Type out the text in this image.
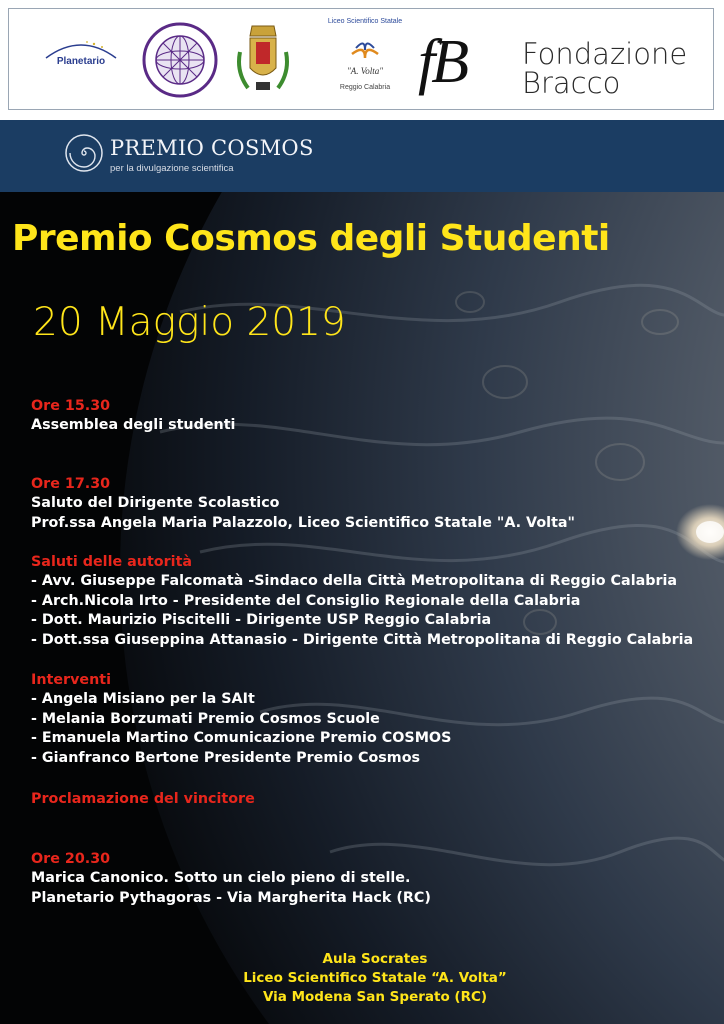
Planetario
Liceo Scientifico Statale
"A. Volta"
Reggio Calabria fB	Fondazione
Bracco
PREMIO COSMOS
per la divulgazione scientifica
Premio Cosmos degli Studenti
20 Maggio 2019
Ore 15.30
Assemblea degli studenti
Ore 17.30
Saluto del Dirigente Scolastico
Prof.ssa Angela Maria Palazzolo, Liceo Scientifico Statale "A. Volta"
Saluti delle autorità
- Avv. Giuseppe Falcomatà -Sindaco della Città Metropolitana di Reggio Calabria
- Arch.Nicola Irto - Presidente del Consiglio Regionale della Calabria
- Dott. Maurizio Piscitelli - Dirigente USP Reggio Calabria
- Dott.ssa Giuseppina Attanasio - Dirigente Città Metropolitana di Reggio Calabria
Interventi
- Angela Misiano per la SAIt
- Melania Borzumati Premio Cosmos Scuole
- Emanuela Martino Comunicazione Premio COSMOS
- Gianfranco Bertone Presidente Premio Cosmos
Proclamazione del vincitore
Ore 20.30
Marica Canonico. Sotto un cielo pieno di stelle.
Planetario Pythagoras - Via Margherita Hack (RC)
Aula Socrates
Liceo Scientifico Statale “A. Volta”
Via Modena San Sperato (RC)
